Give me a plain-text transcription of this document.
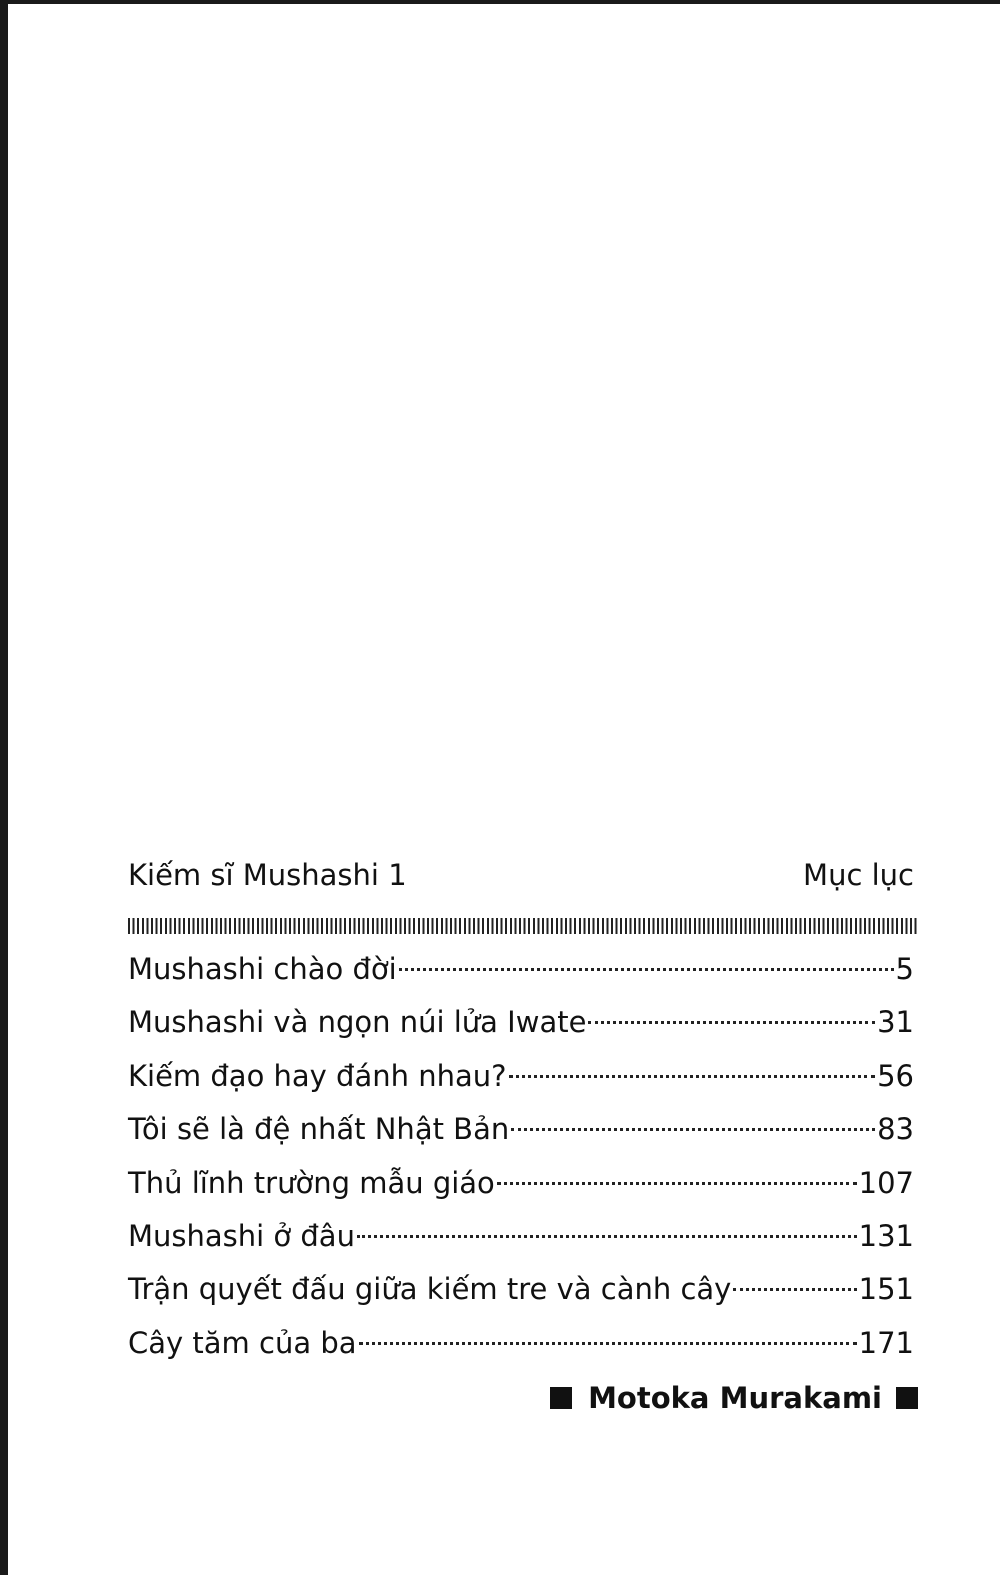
Kiếm sĩ Mushashi 1	Mục lục
Mushashi chào đời	5
Mushashi và ngọn núi lửa Iwate	31
Kiếm đạo hay đánh nhau?	56
Tôi sẽ là đệ nhất Nhật Bản	83
Thủ lĩnh trường mẫu giáo	107
Mushashi ở đâu	131
Trận quyết đấu giữa kiếm tre và cành cây	151
Cây tăm của ba	171
Motoka Murakami
